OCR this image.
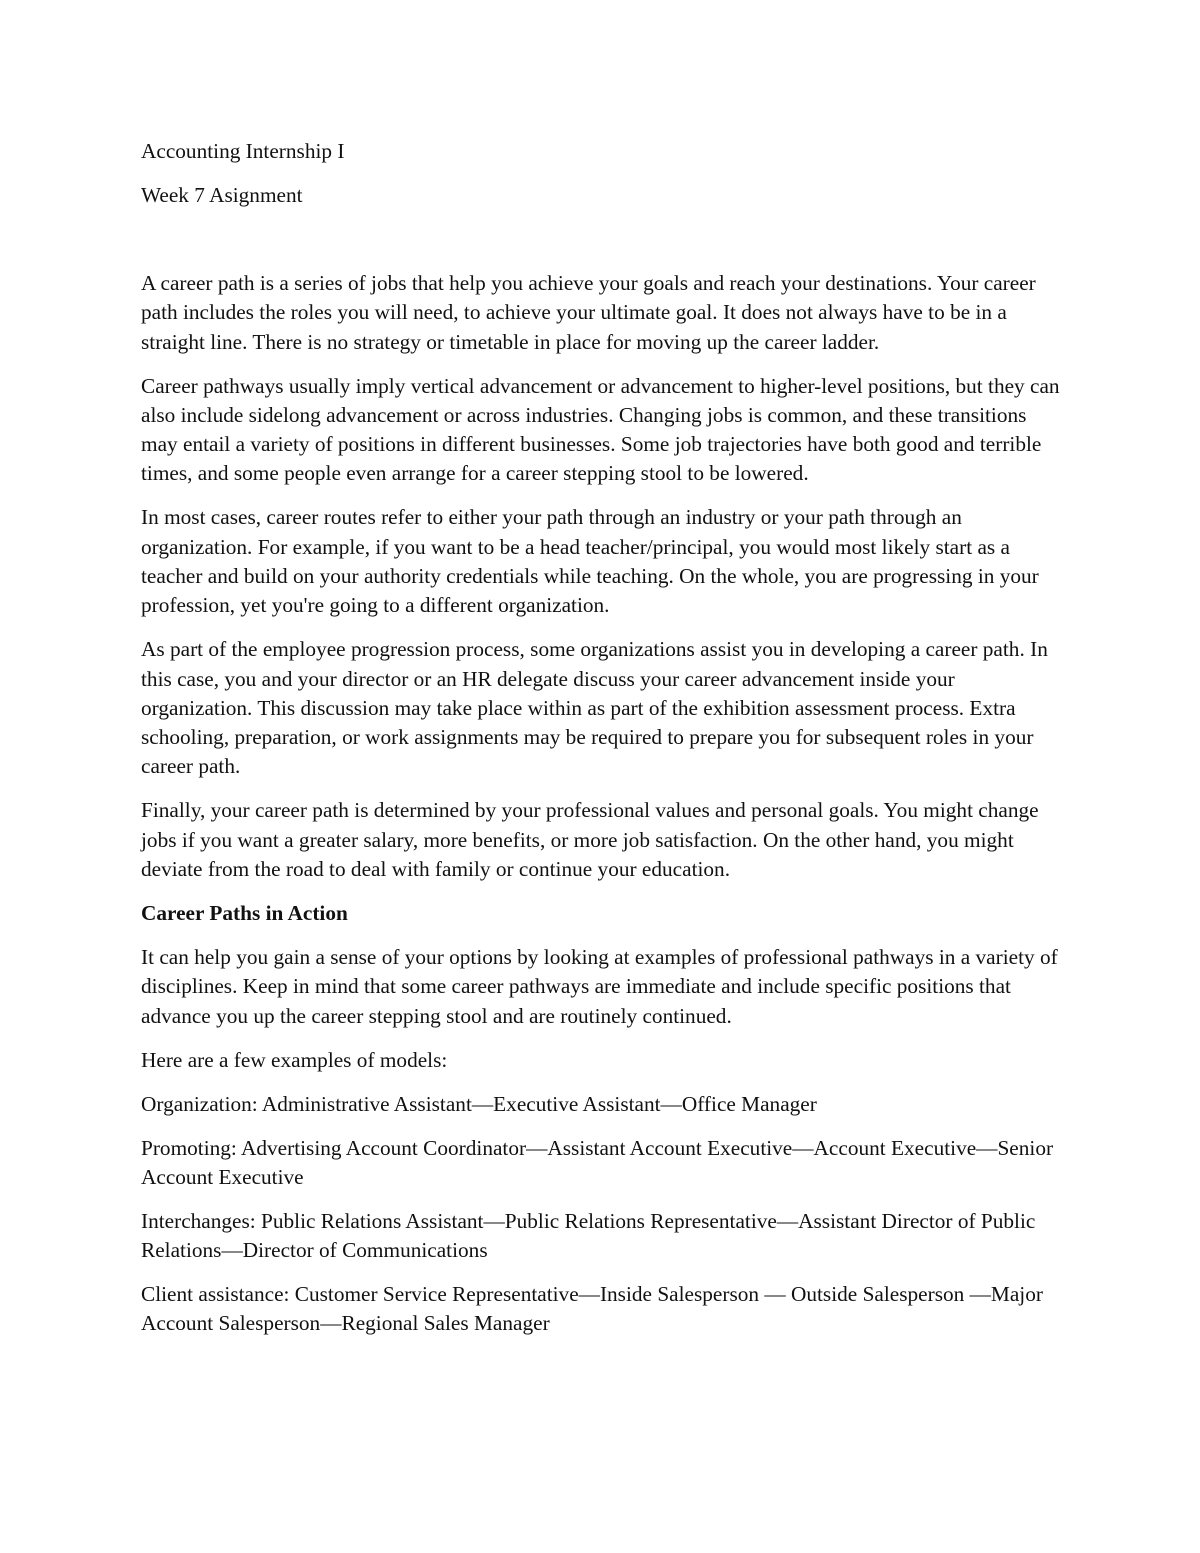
Accounting Internship I

Week 7 Asignment

A career path is a series of jobs that help you achieve your goals and reach your destinations. Your career path includes the roles you will need, to achieve your ultimate goal. It does not always have to be in a straight line. There is no strategy or timetable in place for moving up the career ladder.

Career pathways usually imply vertical advancement or advancement to higher-level positions, but they can also include sidelong advancement or across industries. Changing jobs is common, and these transitions may entail a variety of positions in different businesses. Some job trajectories have both good and terrible times, and some people even arrange for a career stepping stool to be lowered.

In most cases, career routes refer to either your path through an industry or your path through an organization. For example, if you want to be a head teacher/principal, you would most likely start as a teacher and build on your authority credentials while teaching. On the whole, you are progressing in your profession, yet you're going to a different organization.

As part of the employee progression process, some organizations assist you in developing a career path. In this case, you and your director or an HR delegate discuss your career advancement inside your organization. This discussion may take place within as part of the exhibition assessment process. Extra schooling, preparation, or work assignments may be required to prepare you for subsequent roles in your career path.

Finally, your career path is determined by your professional values and personal goals. You might change jobs if you want a greater salary, more benefits, or more job satisfaction. On the other hand, you might deviate from the road to deal with family or continue your education.

Career Paths in Action

It can help you gain a sense of your options by looking at examples of professional pathways in a variety of disciplines. Keep in mind that some career pathways are immediate and include specific positions that advance you up the career stepping stool and are routinely continued.

Here are a few examples of models:

Organization: Administrative Assistant—Executive Assistant—Office Manager

Promoting: Advertising Account Coordinator—Assistant Account Executive—Account Executive—Senior Account Executive

Interchanges: Public Relations Assistant—Public Relations Representative—Assistant Director of Public Relations—Director of Communications

Client assistance: Customer Service Representative—Inside Salesperson — Outside Salesperson —Major Account Salesperson—Regional Sales Manager
